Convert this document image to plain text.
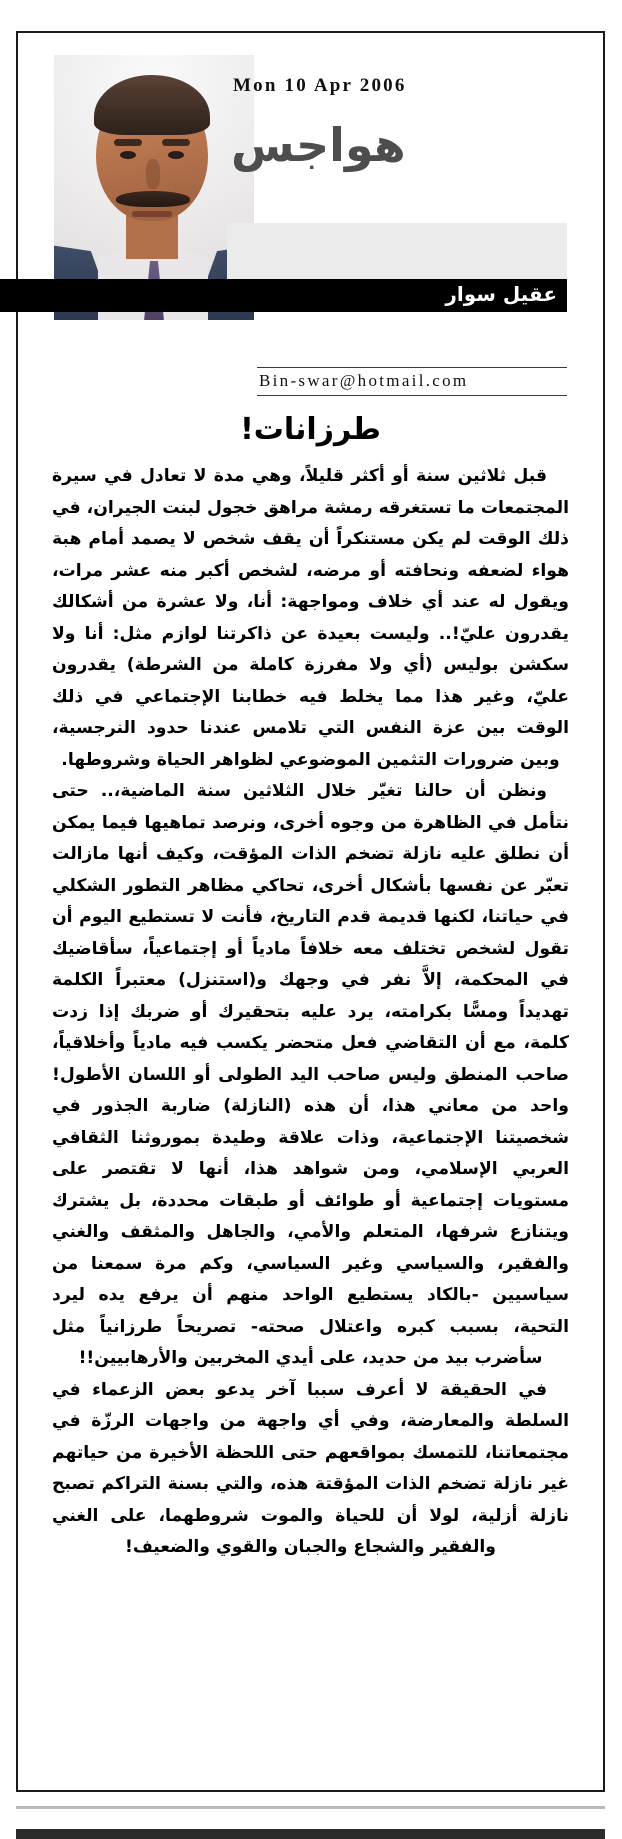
Mon 10 Apr 2006
هواجس
عقيل سوار
Bin-swar@hotmail.com
طرزانات!

قبل ثلاثين سنة أو أكثر قليلاً، وهي مدة لا تعادل في سيرة المجتمعات ما تستغرقه رمشة مراهق خجول لبنت الجيران، في ذلك الوقت لم يكن مستنكراً أن يقف شخص لا يصمد أمام هبة هواء لضعفه ونحافته أو مرضه، لشخص أكبر منه عشر مرات، ويقول له عند أي خلاف ومواجهة: أنا، ولا عشرة من أشكالك يقدرون عليّ!.. وليست بعيدة عن ذاكرتنا لوازم مثل: أنا ولا سكشن بوليس (أي ولا مفرزة كاملة من الشرطة) يقدرون عليّ، وغير هذا مما يخلط فيه خطابنا الإجتماعي في ذلك الوقت بين عزة النفس التي تلامس عندنا حدود النرجسية، وبين ضرورات التثمين الموضوعي لظواهر الحياة وشروطها.

ونظن أن حالنا تغيّر خلال الثلاثين سنة الماضية،.. حتى نتأمل في الظاهرة من وجوه أخرى، ونرصد تماهيها فيما يمكن أن نطلق عليه نازلة تضخم الذات المؤقت، وكيف أنها مازالت تعبّر عن نفسها بأشكال أخرى، تحاكي مظاهر التطور الشكلي في حياتنا، لكنها قديمة قدم التاريخ، فأنت لا تستطيع اليوم أن تقول لشخص تختلف معه خلافاً مادياً أو إجتماعياً، سأقاضيك في المحكمة، إلاَّ نفر في وجهك و(استنزل) معتبراً الكلمة تهديداً ومسًّا بكرامته، يرد عليه بتحقيرك أو ضربك إذا زدت كلمة، مع أن التقاضي فعل متحضر يكسب فيه مادياً وأخلاقياً، صاحب المنطق وليس صاحب اليد الطولى أو اللسان الأطول! واحد من معاني هذا، أن هذه (النازلة) ضاربة الجذور في شخصيتنا الإجتماعية، وذات علاقة وطيدة بموروثنا الثقافي العربي الإسلامي، ومن شواهد هذا، أنها لا تقتصر على مستويات إجتماعية أو طوائف أو طبقات محددة، بل يشترك ويتنازع شرفها، المتعلم والأمي، والجاهل والمثقف والغني والفقير، والسياسي وغير السياسي، وكم مرة سمعنا من سياسيين -بالكاد يستطيع الواحد منهم أن يرفع يده ليرد التحية، بسبب كبره واعتلال صحته- تصريحاً طرزانياً مثل سأضرب بيد من حديد، على أيدي المخربين والأرهابيين!!

في الحقيقة لا أعرف سببا آخر يدعو بعض الزعماء في السلطة والمعارضة، وفي أي واجهة من واجهات الرزّة في مجتمعاتنا، للتمسك بمواقعهم حتى اللحظة الأخيرة من حياتهم غير نازلة تضخم الذات المؤقتة هذه، والتي بسنة التراكم تصبح نازلة أزلية، لولا أن للحياة والموت شروطهما، على الغني والفقير والشجاع والجبان والقوي والضعيف!
